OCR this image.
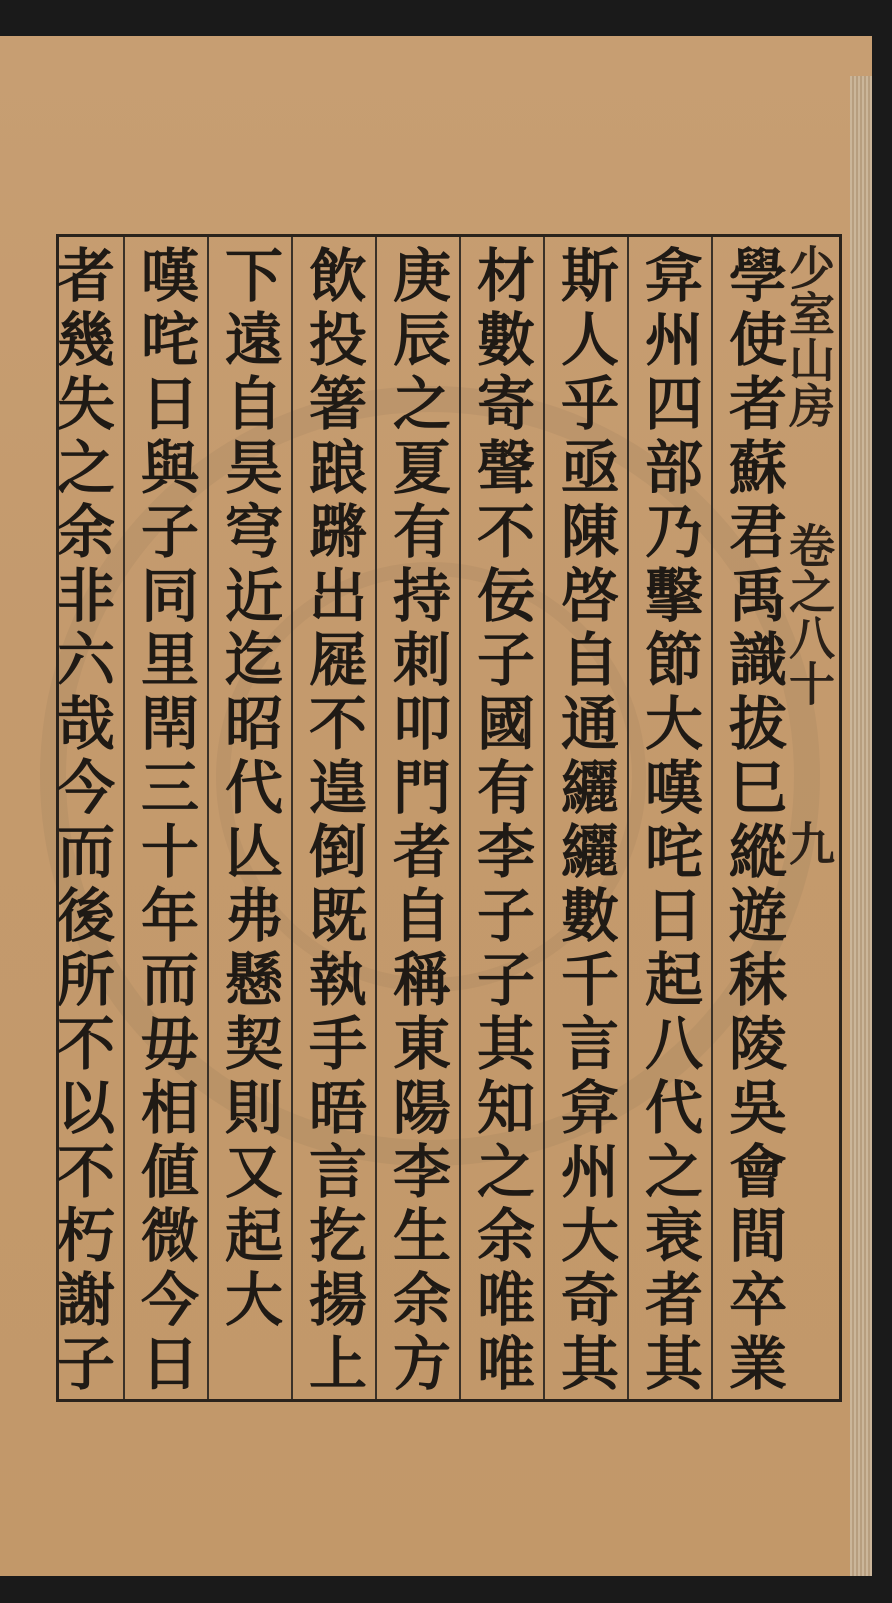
學使者蘇君禹識拔巳縱遊秣陵吳會間卒業
弇州四部乃擊節大嘆咤日起八代之衰者其
斯人乎亟陳啓自通纚纚數千言弇州大奇其
材數寄聲不佞子國有李子子其知之余唯唯
庚辰之夏有持刺叩門者自稱東陽李生余方
飲投箸踉蹡出屣不遑倒既執手晤言扢揚上
下遠自昊穹近迄昭代亾弗懸契則又起大
嘆咤日與子同里閈三十年而毋相値微今日
者幾失之余非六哉今而後所不以不朽謝子	少室山房 卷之八十 九
